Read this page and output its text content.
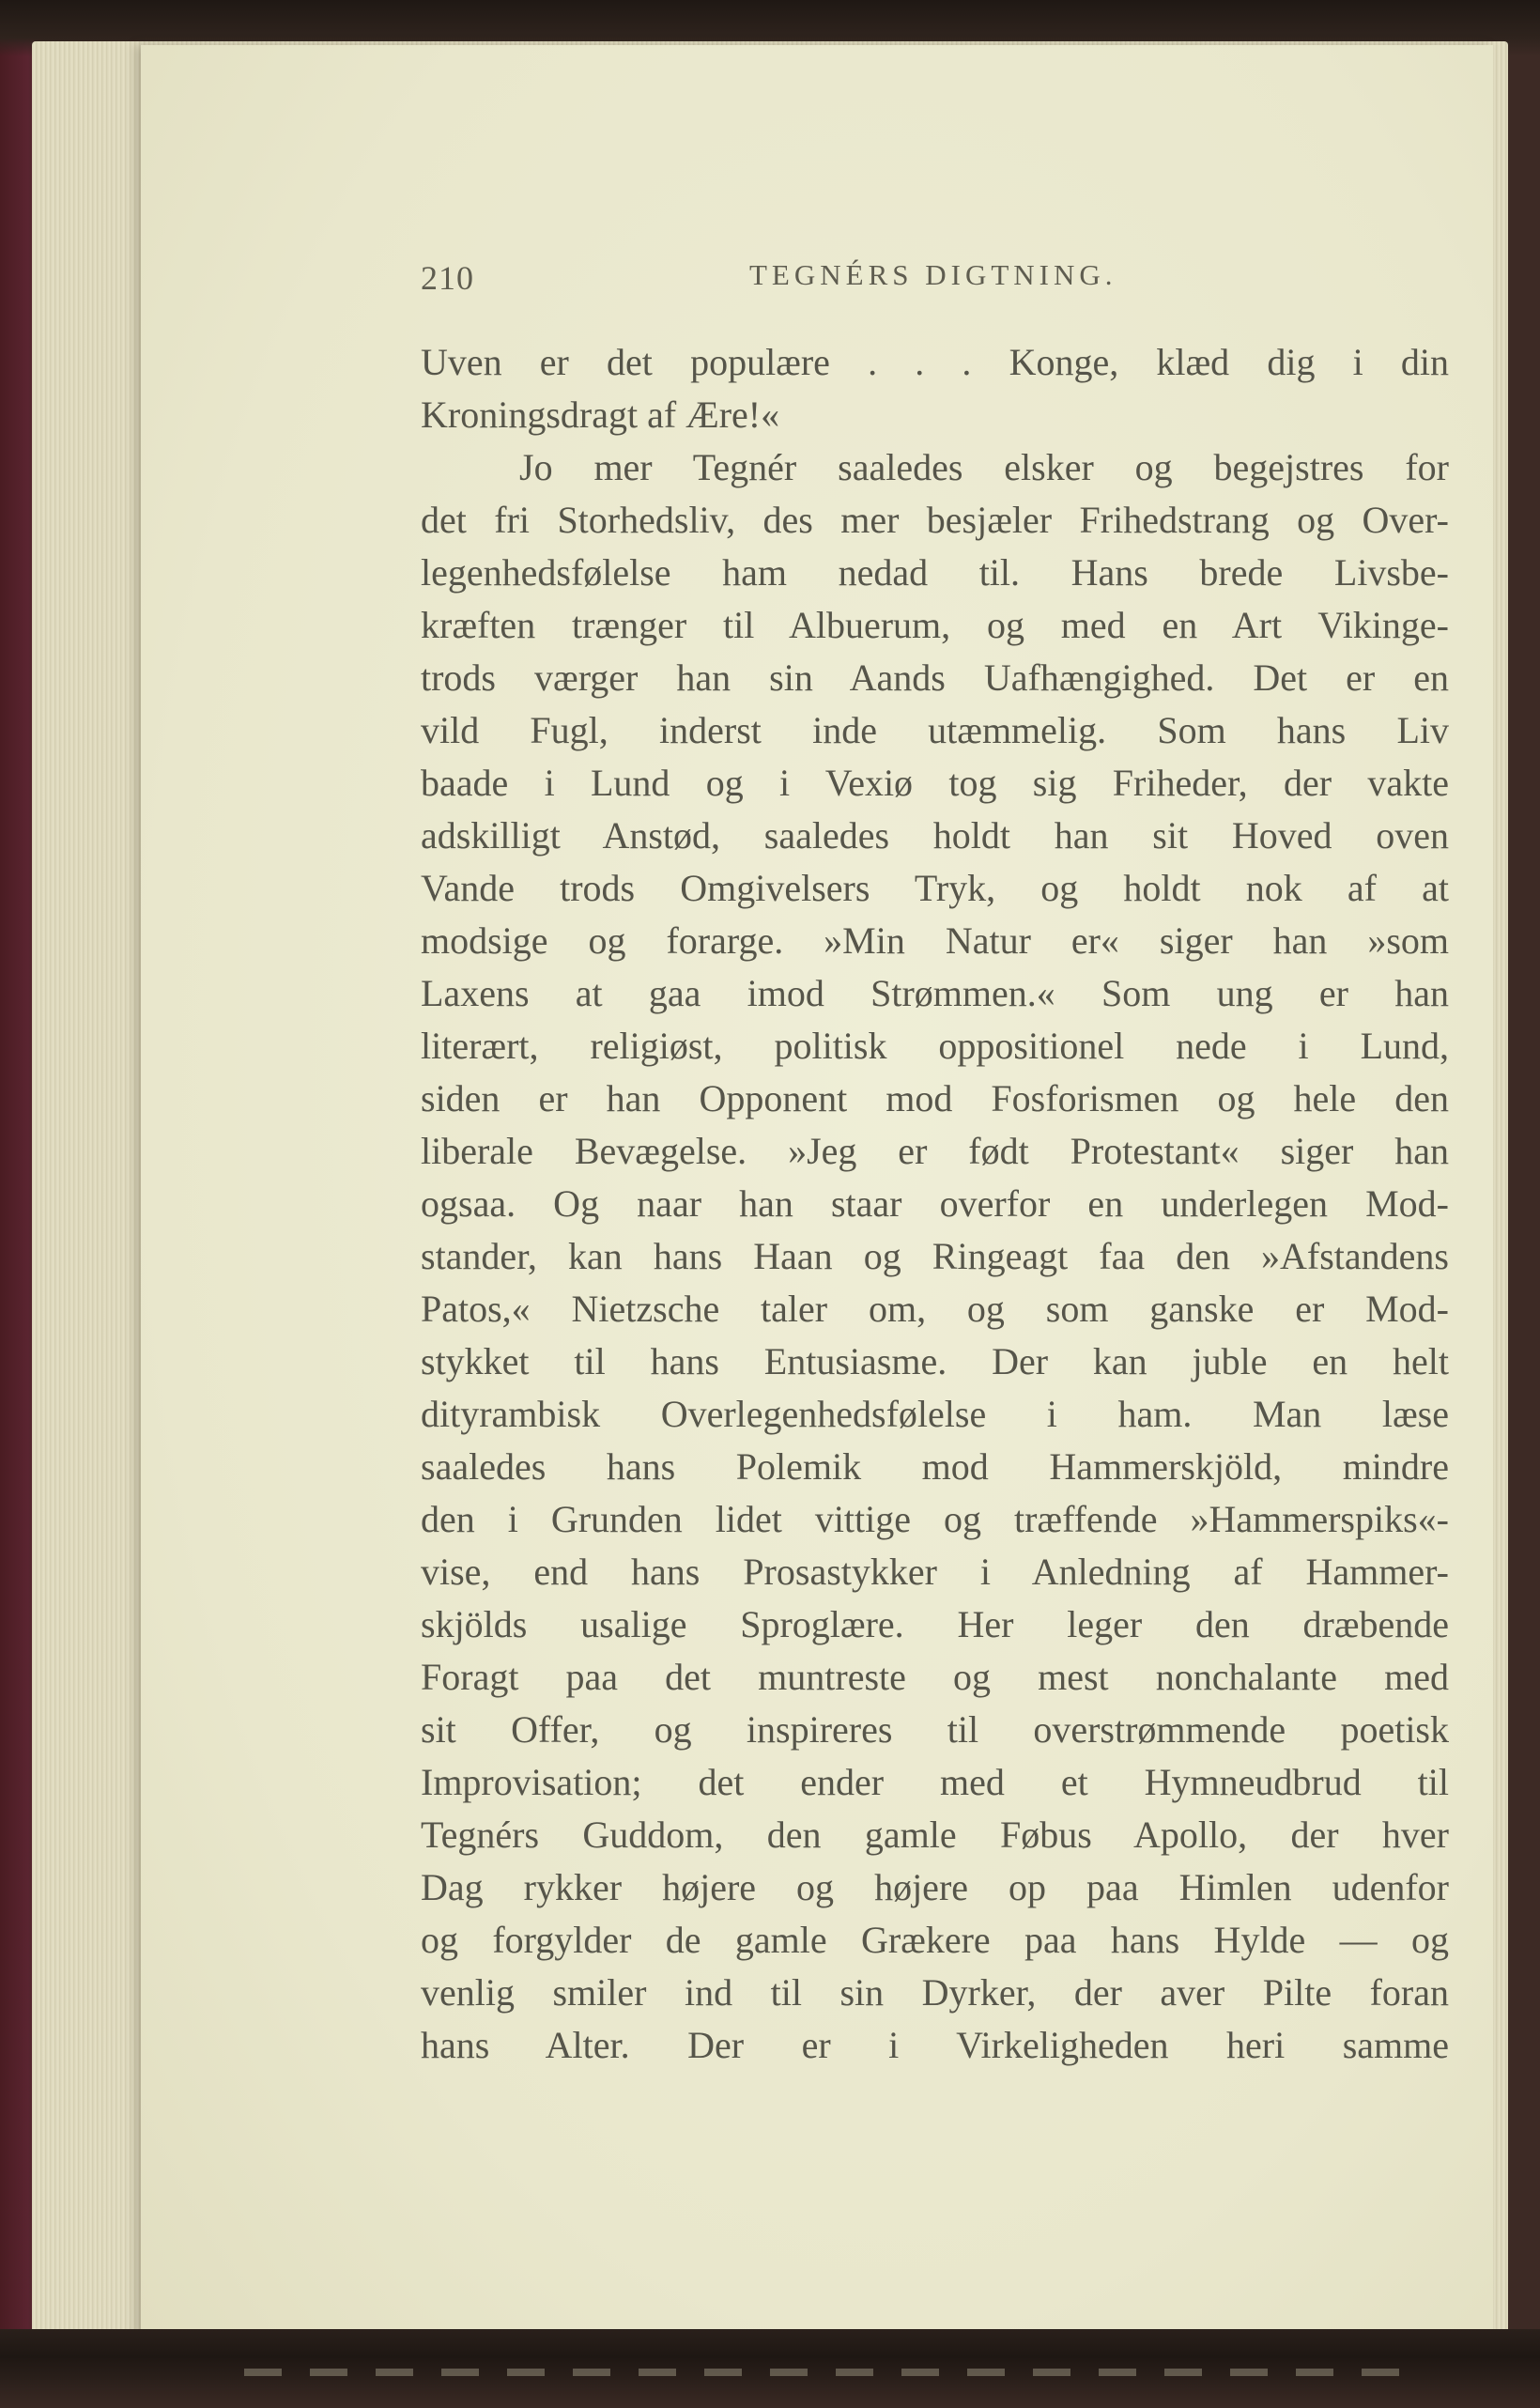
210	TEGNÉRS DIGTNING.
Uven er det populære . . . Konge, klæd dig i din
Kroningsdragt af Ære!«
Jo mer Tegnér saaledes elsker og begejstres for
det fri Storhedsliv, des mer besjæler Frihedstrang og Over-
legenhedsfølelse ham nedad til. Hans brede Livsbe-
kræften trænger til Albuerum, og med en Art Vikinge-
trods værger han sin Aands Uafhængighed. Det er en
vild Fugl, inderst inde utæmmelig. Som hans Liv
baade i Lund og i Vexiø tog sig Friheder, der vakte
adskilligt Anstød, saaledes holdt han sit Hoved oven
Vande trods Omgivelsers Tryk, og holdt nok af at
modsige og forarge. »Min Natur er« siger han »som
Laxens at gaa imod Strømmen.« Som ung er han
literært, religiøst, politisk oppositionel nede i Lund,
siden er han Opponent mod Fosforismen og hele den
liberale Bevægelse. »Jeg er født Protestant« siger han
ogsaa. Og naar han staar overfor en underlegen Mod-
stander, kan hans Haan og Ringeagt faa den »Afstandens
Patos,« Nietzsche taler om, og som ganske er Mod-
stykket til hans Entusiasme. Der kan juble en helt
dityrambisk Overlegenhedsfølelse i ham. Man læse
saaledes hans Polemik mod Hammerskjöld, mindre
den i Grunden lidet vittige og træffende »Hammerspiks«-
vise, end hans Prosastykker i Anledning af Hammer-
skjölds usalige Sproglære. Her leger den dræbende
Foragt paa det muntreste og mest nonchalante med
sit Offer, og inspireres til overstrømmende poetisk
Improvisation; det ender med et Hymneudbrud til
Tegnérs Guddom, den gamle Føbus Apollo, der hver
Dag rykker højere og højere op paa Himlen udenfor
og forgylder de gamle Grækere paa hans Hylde — og
venlig smiler ind til sin Dyrker, der aver Pilte foran
hans Alter. Der er i Virkeligheden heri samme
